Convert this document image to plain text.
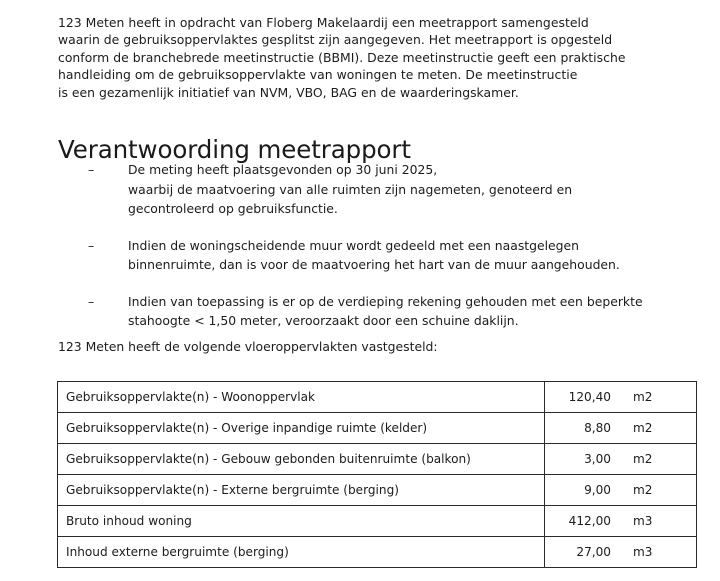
123 Meten heeft in opdracht van Floberg Makelaardij een meetrapport samengesteld
waarin de gebruiksoppervlaktes gesplitst zijn aangegeven. Het meetrapport is opgesteld
conform de branchebrede meetinstructie (BBMI). Deze meetinstructie geeft een praktische
handleiding om de gebruiksoppervlakte van woningen te meten. De meetinstructie
is een gezamenlijk initiatief van NVM, VBO, BAG en de waarderingskamer.
Verantwoording meetrapport
–	De meting heeft plaatsgevonden op 30 juni 2025,
waarbij de maatvoering van alle ruimten zijn nagemeten, genoteerd en
gecontroleerd op gebruiksfunctie.
–	Indien de woningscheidende muur wordt gedeeld met een naastgelegen
binnenruimte, dan is voor de maatvoering het hart van de muur aangehouden.
–	Indien van toepassing is er op de verdieping rekening gehouden met een beperkte
stahoogte < 1,50 meter, veroorzaakt door een schuine daklijn.
123 Meten heeft de volgende vloeroppervlakten vastgesteld:
Gebruiksoppervlakte(n) - Woonoppervlak	120,40	m2
Gebruiksoppervlakte(n) - Overige inpandige ruimte (kelder)	8,80	m2
Gebruiksoppervlakte(n) - Gebouw gebonden buitenruimte (balkon)	3,00	m2
Gebruiksoppervlakte(n) - Externe bergruimte (berging)	9,00	m2
Bruto inhoud woning	412,00	m3
Inhoud externe bergruimte (berging)	27,00	m3
